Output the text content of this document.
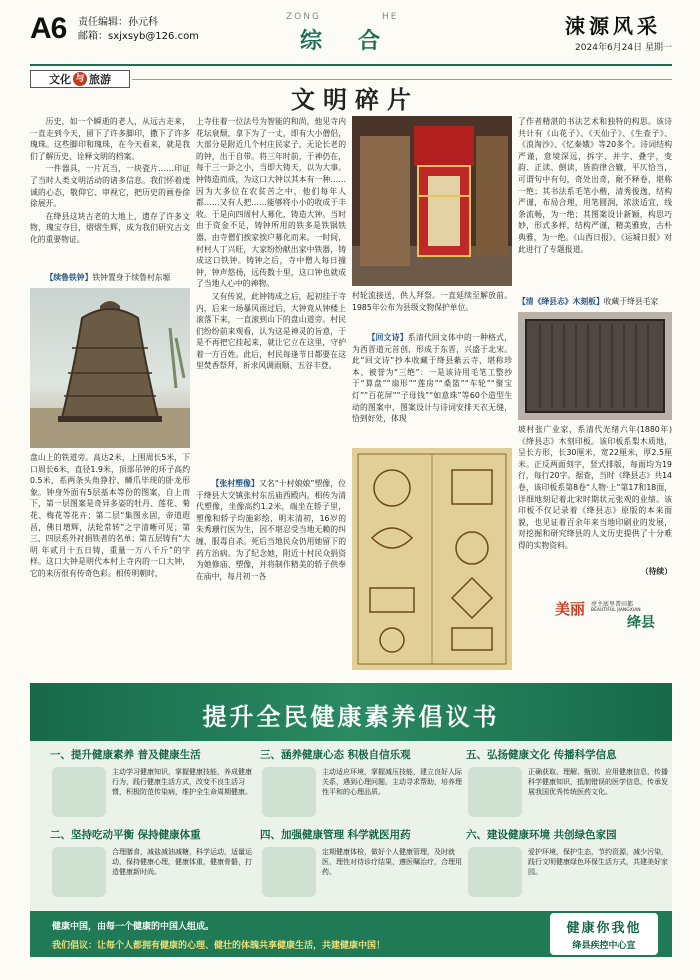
A6 责任编辑：孙元科
邮箱：sxjxsyb@126.com
ZONG	HE
综合
涑源风采
2024年6月24日 星期一
文化 与 旅游
文明碎片

历史，如一个瞬逝的老人，从远古走来，一直走到今天，留下了许多脚印，撒下了许多瑰珠。这些脚印和瑰珠，在今天看来，就是我们了解历史、诠释文明的档案。

一件器具，一片瓦当，一块瓷片……印证了当时人类文明活动的诸多信息。我们怀着虔诚的心态，敬仰它、审视它，把历史的画卷徐徐展开。

在绛县这块古老的大地上，遗存了许多文物，瑰宝夺目，熠熠生辉，成为我们研究古文化的重要物证。

【续鲁铁钟】铁钟置身于续鲁村东塬

盘山上的铁道旁。高达2米，上围周长5米，下口周长6米，直径1.9米，顶部吊钟的环子高约0.5米，系两条头角狰狞、鳞爪毕现的卧龙形象。钟身外面有5层基本等份的图案，自上而下，第一层图案是奇异多姿的牡丹、莲花、菊花、梅花等花卉；第二层“集图永固，帝道遐昌，佛日增辉，法轮常转”之字清晰可见；第三、四层系外衬捐铁者的名单；第五层铸有“大明 年贰月十五日铸，重量一万八千斤”的字样。这口大钟是明代本村上寺内的一口大钟，它的来历很有传奇色彩。相传明朝时，

上寺住着一位法号为智能的和尚，他见寺内花坛衰颓，拿下为了一丈，即有大小僧侣，大部分是附近几个村庄民家子，无论长老的的钟，出于自带。将三年时前，于神仍在，每于三一卦之小，当即大铸天，以为大事。钟铸造而成，为这口大钟以其本有一种……因为大多位在农贫苦之中，他们每年人都……又有人把……能够将小小的收成于丰收。于是向四周村人募化，铸造大钟。当时由于资金不足，铸钟所用的铁多是铁锅铁器，由寺僧们挨家挨户募化而来。一时间，村村人丁兴旺，大家纷纷献出家中铁器，铸成这口铁钟。铸钟之后，寺中僧人每日撞钟，钟声悠扬，远传数十里，这口钟也就成了当地人心中的神物。

又有传说，此钟铸成之后，起初挂于寺内，后来一场暴风雨过后，大钟竟从钟楼上滚落下来，一直滚到山下的盘山道旁。村民们纷纷前来观看，认为这是神灵的旨意，于是不再把它挂起来，就让它立在这里，守护着一方百姓。此后，村民每逢节日都要在这里焚香祭拜，祈求风调雨顺、五谷丰登。

【张村塑像】又名“十村娘娘”塑像，位于绛县大交镇张村东岳庙西殿内。相传为清代塑像，坐像高约1.2米，端坐在轿子里，塑像和轿子均施彩绘，明末清初，16岁的朱秀珊行医为生，因不堪忍受当地无赖的纠缠，服毒自杀。死后当地民众仍用她留下的药方治病。为了纪念她，附近十村民众捐资为她修庙、塑像，并将制作精美的轿子供奉在庙中，每月初一各

村轮流接送，供人拜祭。一直延续至解放前。1985年公布为县级文物保护单位。

【回文诗】系清代回文体中的一种格式，为西晋道元首创，形成于东晋，兴盛于北宋。此“回文诗”抄本收藏于绛县紫云寺，堪称珍本、被誉为“三绝”：一是该诗用毛笔工整抄于“算盘”“扇形”“莲房”“桑篮”“车轮”“聚宝灯”“百花屏”“子母钱”“如意珠”等60个造型生动的图案中，图案设计与诗词安排天衣无缝，恰到好处，体现

了作者精湛的书法艺术和独特的构思。该诗共计有《山花子》、《天仙子》、《生查子》、《浪淘沙》、《忆秦娥》等20多个。诗词结构严谨，意境深远，拆字、并字、叠字，变韵、正读、倒读，皆韵律合辙，平仄恰当，可谓句中有句，奇处出奇，耐不释卷，堪称一绝；其书法系毛笔小楷，清秀俊逸，结构严谨，布局合理，用笔圆润，浓淡适宜，线条流畅，为一绝；其图案设计新颖，构思巧妙，形式多样，结构严谨，精美雅致，古朴典雅，为一绝。《山西日报》、《运城日报》对此进行了专题报道。

【清《绛县志》木刻板】收藏于绛县毛家

坡村张广业家，系清代光绪六年(1880年)《绛县志》木刻印板。该印板系梨木质地，呈长方形，长30厘米，宽22厘米，厚2.5厘米。正反两面刻字，竖式排版，每面均为19行，每行20字。据查，当时《绛县志》共14卷，该印板系第8卷“人物·上”第17和18面，详细地刻记着北宋时期状元张观的业绩。该印板不仅记录着《绛县志》原版的本来面貌，也见证着百余年来当地印刷业的发展，对挖掘和研究绛县的人文历史提供了十分难得的实物资料。

（待续）
美丽 亮主底里普田都
BEAUTIFUL JIANGXIAN
绛县
提升全民健康素养倡议书
一、提升健康素养 普及健康生活
主动学习健康知识，掌握健康技能，养成健康行为，践行健康生活方式，改变不良生活习惯，积极防范传染病，维护全生命周期健康。
三、涵养健康心态 积极自信乐观
主动适应环境，掌握减压技能，建立良好人际关系，遇到心理问题，主动寻求帮助，培养理性平和的心理品质。
五、弘扬健康文化 传播科学信息
正确获取、理解、甄别、应用健康信息，传播科学健康知识，抵制错误的医学信息，传承发展我国优秀传统医药文化。
二、坚持吃动平衡 保持健康体重
合理膳食，减盐减油减糖，科学运动，适量运动，保持健康心理，健康体重，健康骨骼，打造健康新时尚。
四、加强健康管理 科学就医用药
定期健康体检，做好个人健康管理，及时就医，理性对待诊疗结果，遵医嘱治疗，合理用药。
六、建设健康环境 共创绿色家园
爱护环境，保护生态，节约资源，减少污染，践行文明健康绿色环保生活方式，共建美好家园。
健康中国，由每一个健康的中国人组成。
我们倡议：让每个人都拥有健康的心理、健壮的体魄共享健康生活，共建健康中国！
健康你我他
绛县疾控中心宣
